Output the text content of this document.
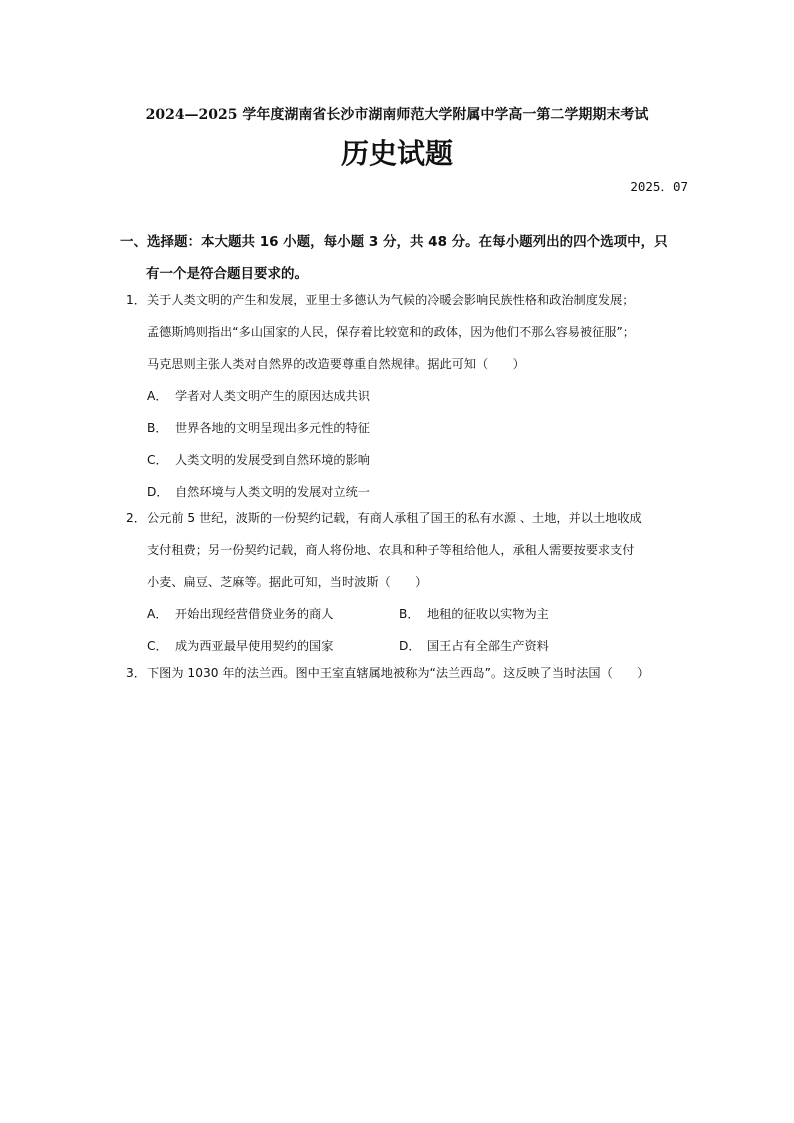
2024—2025 学年度湖南省长沙市湖南师范大学附属中学高一第二学期期末考试
历史试题
2025．07
一、选择题：本大题共 16 小题，每小题 3 分，共 48 分。在每小题列出的四个选项中，只
有一个是符合题目要求的。
1．关于人类文明的产生和发展，亚里士多德认为气候的冷暖会影响民族性格和政治制度发展；
孟德斯鸠则指出“多山国家的人民，保存着比较宽和的政体，因为他们不那么容易被征服”；
马克思则主张人类对自然界的改造要尊重自然规律。据此可知（　　）
A． 学者对人类文明产生的原因达成共识
B． 世界各地的文明呈现出多元性的特征
C． 人类文明的发展受到自然环境的影响
D． 自然环境与人类文明的发展对立统一
2．公元前 5 世纪，波斯的一份契约记载，有商人承租了国王的私有水源 、土地，并以土地收成
支付租费；另一份契约记载，商人将份地、农具和种子等租给他人，承租人需要按要求支付
小麦、扁豆、芝麻等。据此可知，当时波斯（　　）
A． 开始出现经营借贷业务的商人	B． 地租的征收以实物为主
C． 成为西亚最早使用契约的国家	D． 国王占有全部生产资料
3．下图为 1030 年的法兰西。图中王室直辖属地被称为“法兰西岛”。这反映了当时法国（　　）
